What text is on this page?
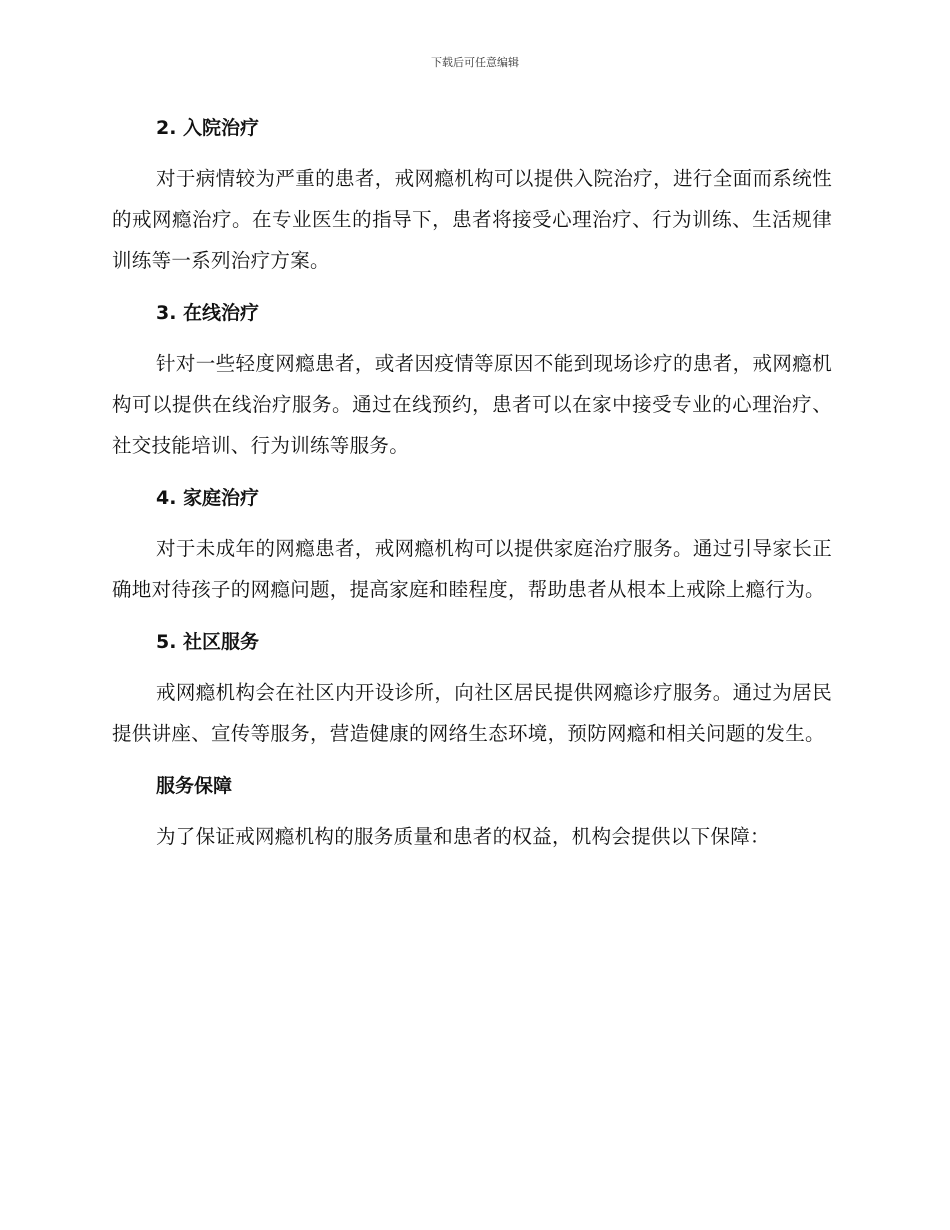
下载后可任意编辑
2. 入院治疗

对于病情较为严重的患者，戒网瘾机构可以提供入院治疗，进行全面而系统性的戒网瘾治疗。在专业医生的指导下，患者将接受心理治疗、行为训练、生活规律训练等一系列治疗方案。

3. 在线治疗

针对一些轻度网瘾患者，或者因疫情等原因不能到现场诊疗的患者，戒网瘾机构可以提供在线治疗服务。通过在线预约，患者可以在家中接受专业的心理治疗、社交技能培训、行为训练等服务。

4. 家庭治疗

对于未成年的网瘾患者，戒网瘾机构可以提供家庭治疗服务。通过引导家长正确地对待孩子的网瘾问题，提高家庭和睦程度，帮助患者从根本上戒除上瘾行为。

5. 社区服务

戒网瘾机构会在社区内开设诊所，向社区居民提供网瘾诊疗服务。通过为居民提供讲座、宣传等服务，营造健康的网络生态环境，预防网瘾和相关问题的发生。

服务保障

为了保证戒网瘾机构的服务质量和患者的权益，机构会提供以下保障：
